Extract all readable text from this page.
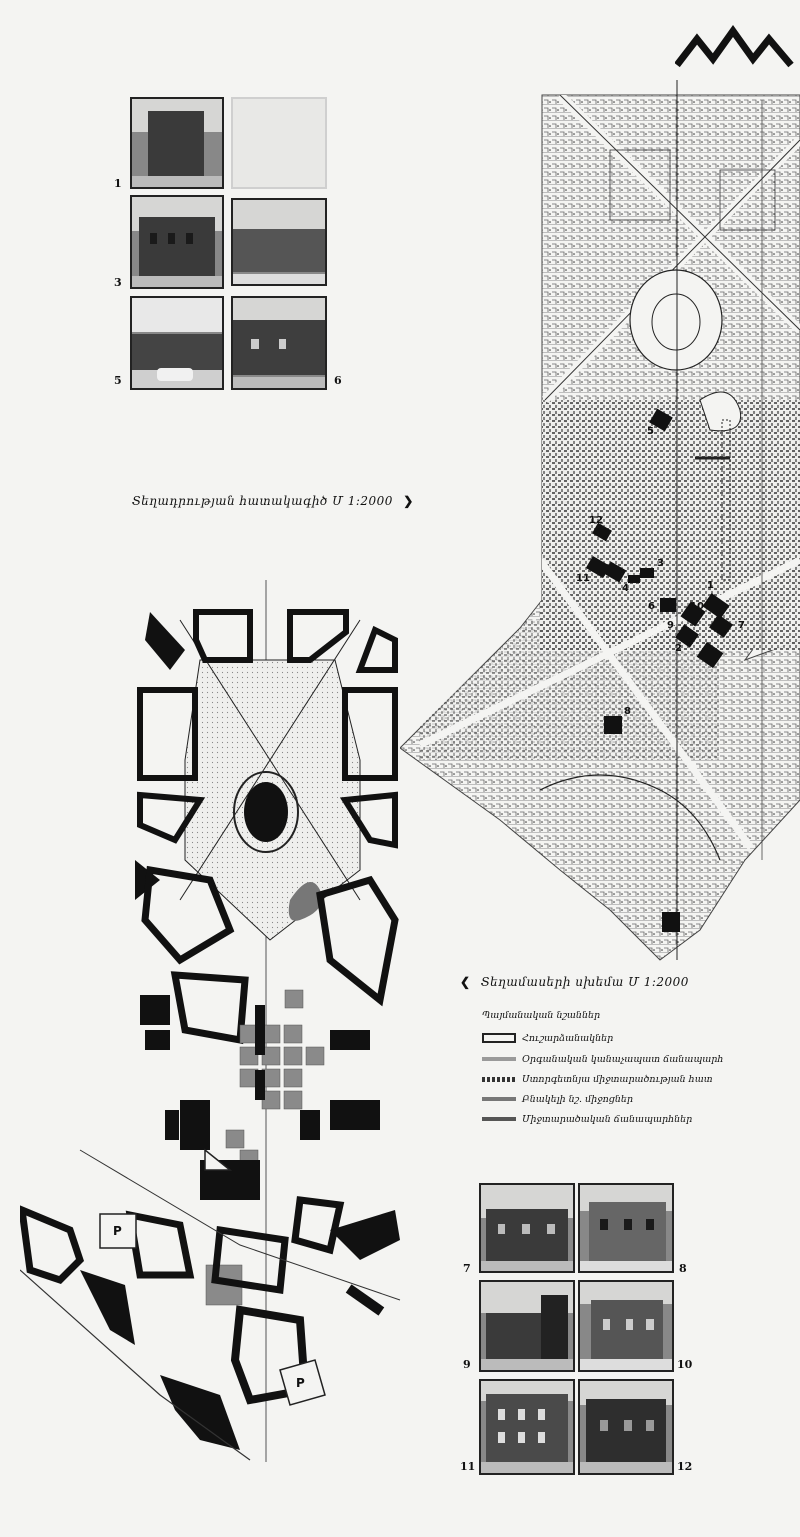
1
3
5	6
Տեղադրության հատակագիծ Մ 1:2000 ❯
5
12
3
11
4
6
1
10
9	7
2
8
❮ Տեղամասերի սխեմա Մ 1:2000
Պայմանական նշաններ
Հուշարձանակներ
Օրգանական կանաչապատ ճանապարհ
Ստորգետնյա միջտարածության հատ
Բնակելի նշ. միջոցներ
Միջտարածական ճանապարհներ
P
P
7	8
9	10
11	12
